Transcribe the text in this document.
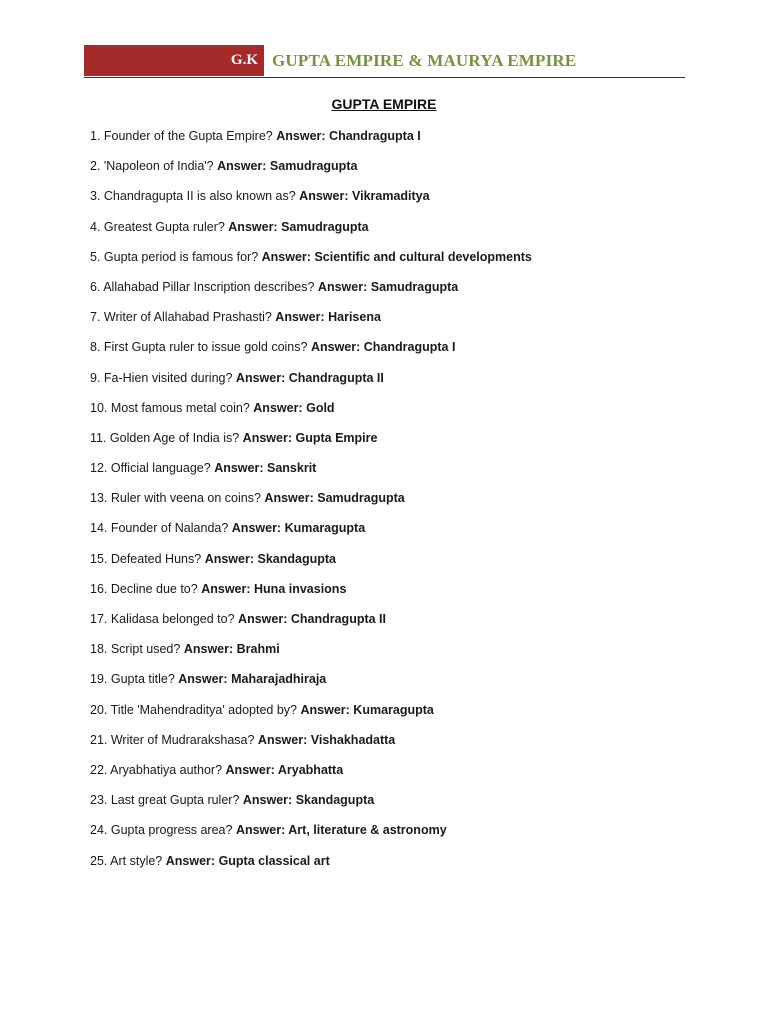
G.K GUPTA EMPIRE & MAURYA EMPIRE
GUPTA EMPIRE
1. Founder of the Gupta Empire? Answer: Chandragupta I
2. 'Napoleon of India'? Answer: Samudragupta
3. Chandragupta II is also known as? Answer: Vikramaditya
4. Greatest Gupta ruler? Answer: Samudragupta
5. Gupta period is famous for? Answer: Scientific and cultural developments
6. Allahabad Pillar Inscription describes? Answer: Samudragupta
7. Writer of Allahabad Prashasti? Answer: Harisena
8. First Gupta ruler to issue gold coins? Answer: Chandragupta I
9. Fa-Hien visited during? Answer: Chandragupta II
10. Most famous metal coin? Answer: Gold
11. Golden Age of India is? Answer: Gupta Empire
12. Official language? Answer: Sanskrit
13. Ruler with veena on coins? Answer: Samudragupta
14. Founder of Nalanda? Answer: Kumaragupta
15. Defeated Huns? Answer: Skandagupta
16. Decline due to? Answer: Huna invasions
17. Kalidasa belonged to? Answer: Chandragupta II
18. Script used? Answer: Brahmi
19. Gupta title? Answer: Maharajadhiraja
20. Title 'Mahendraditya' adopted by? Answer: Kumaragupta
21. Writer of Mudrarakshasa? Answer: Vishakhadatta
22. Aryabhatiya author? Answer: Aryabhatta
23. Last great Gupta ruler? Answer: Skandagupta
24. Gupta progress area? Answer: Art, literature & astronomy
25. Art style? Answer: Gupta classical art
